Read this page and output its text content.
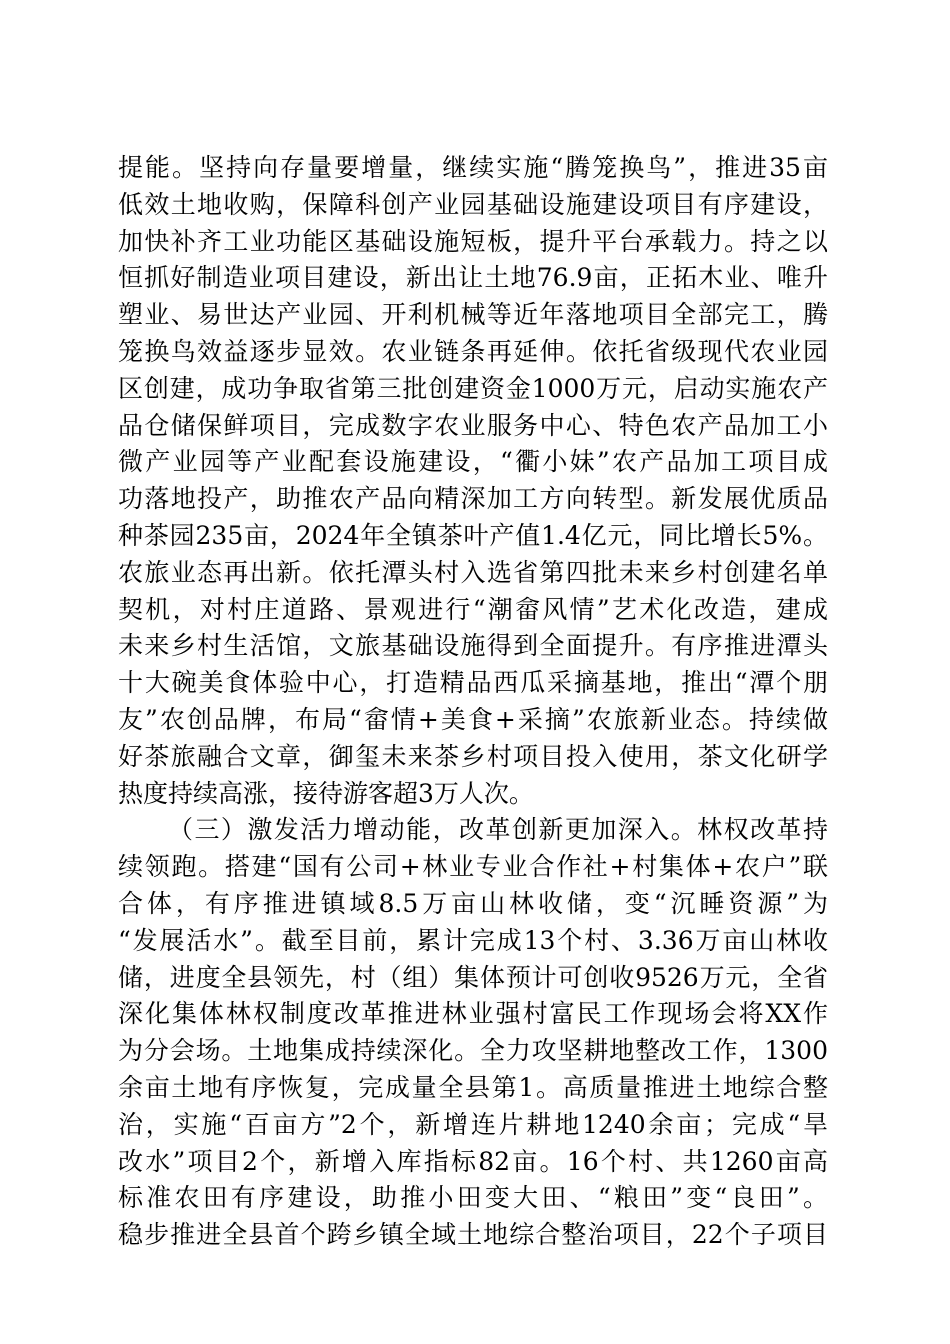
提能。坚持向存量要增量，继续实施“腾笼换鸟”，推进35亩
低效土地收购，保障科创产业园基础设施建设项目有序建设，
加快补齐工业功能区基础设施短板，提升平台承载力。持之以
恒抓好制造业项目建设，新出让土地76.9亩，正拓木业、唯升
塑业、易世达产业园、开利机械等近年落地项目全部完工，腾
笼换鸟效益逐步显效。农业链条再延伸。依托省级现代农业园
区创建，成功争取省第三批创建资金1000万元，启动实施农产
品仓储保鲜项目，完成数字农业服务中心、特色农产品加工小
微产业园等产业配套设施建设，“衢小妹”农产品加工项目成
功落地投产，助推农产品向精深加工方向转型。新发展优质品
种茶园235亩，2024年全镇茶叶产值1.4亿元，同比增长5%。
农旅业态再出新。依托潭头村入选省第四批未来乡村创建名单
契机，对村庄道路、景观进行“潮畲风情”艺术化改造，建成
未来乡村生活馆，文旅基础设施得到全面提升。有序推进潭头
十大碗美食体验中心，打造精品西瓜采摘基地，推出“潭个朋
友”农创品牌，布局“畲情+美食+采摘”农旅新业态。持续做
好茶旅融合文章，御玺未来茶乡村项目投入使用，茶文化研学
热度持续高涨，接待游客超3万人次。
（三）激发活力增动能，改革创新更加深入。林权改革持
续领跑。搭建“国有公司+林业专业合作社+村集体+农户”联
合体，有序推进镇域8.5万亩山林收储，变“沉睡资源”为
“发展活水”。截至目前，累计完成13个村、3.36万亩山林收
储，进度全县领先，村（组）集体预计可创收9526万元，全省
深化集体林权制度改革推进林业强村富民工作现场会将XX作
为分会场。土地集成持续深化。全力攻坚耕地整改工作，1300
余亩土地有序恢复，完成量全县第1。高质量推进土地综合整
治，实施“百亩方”2个，新增连片耕地1240余亩；完成“旱
改水”项目2个，新增入库指标82亩。16个村、共1260亩高
标准农田有序建设，助推小田变大田、“粮田”变“良田”。
稳步推进全县首个跨乡镇全域土地综合整治项目，22个子项目
